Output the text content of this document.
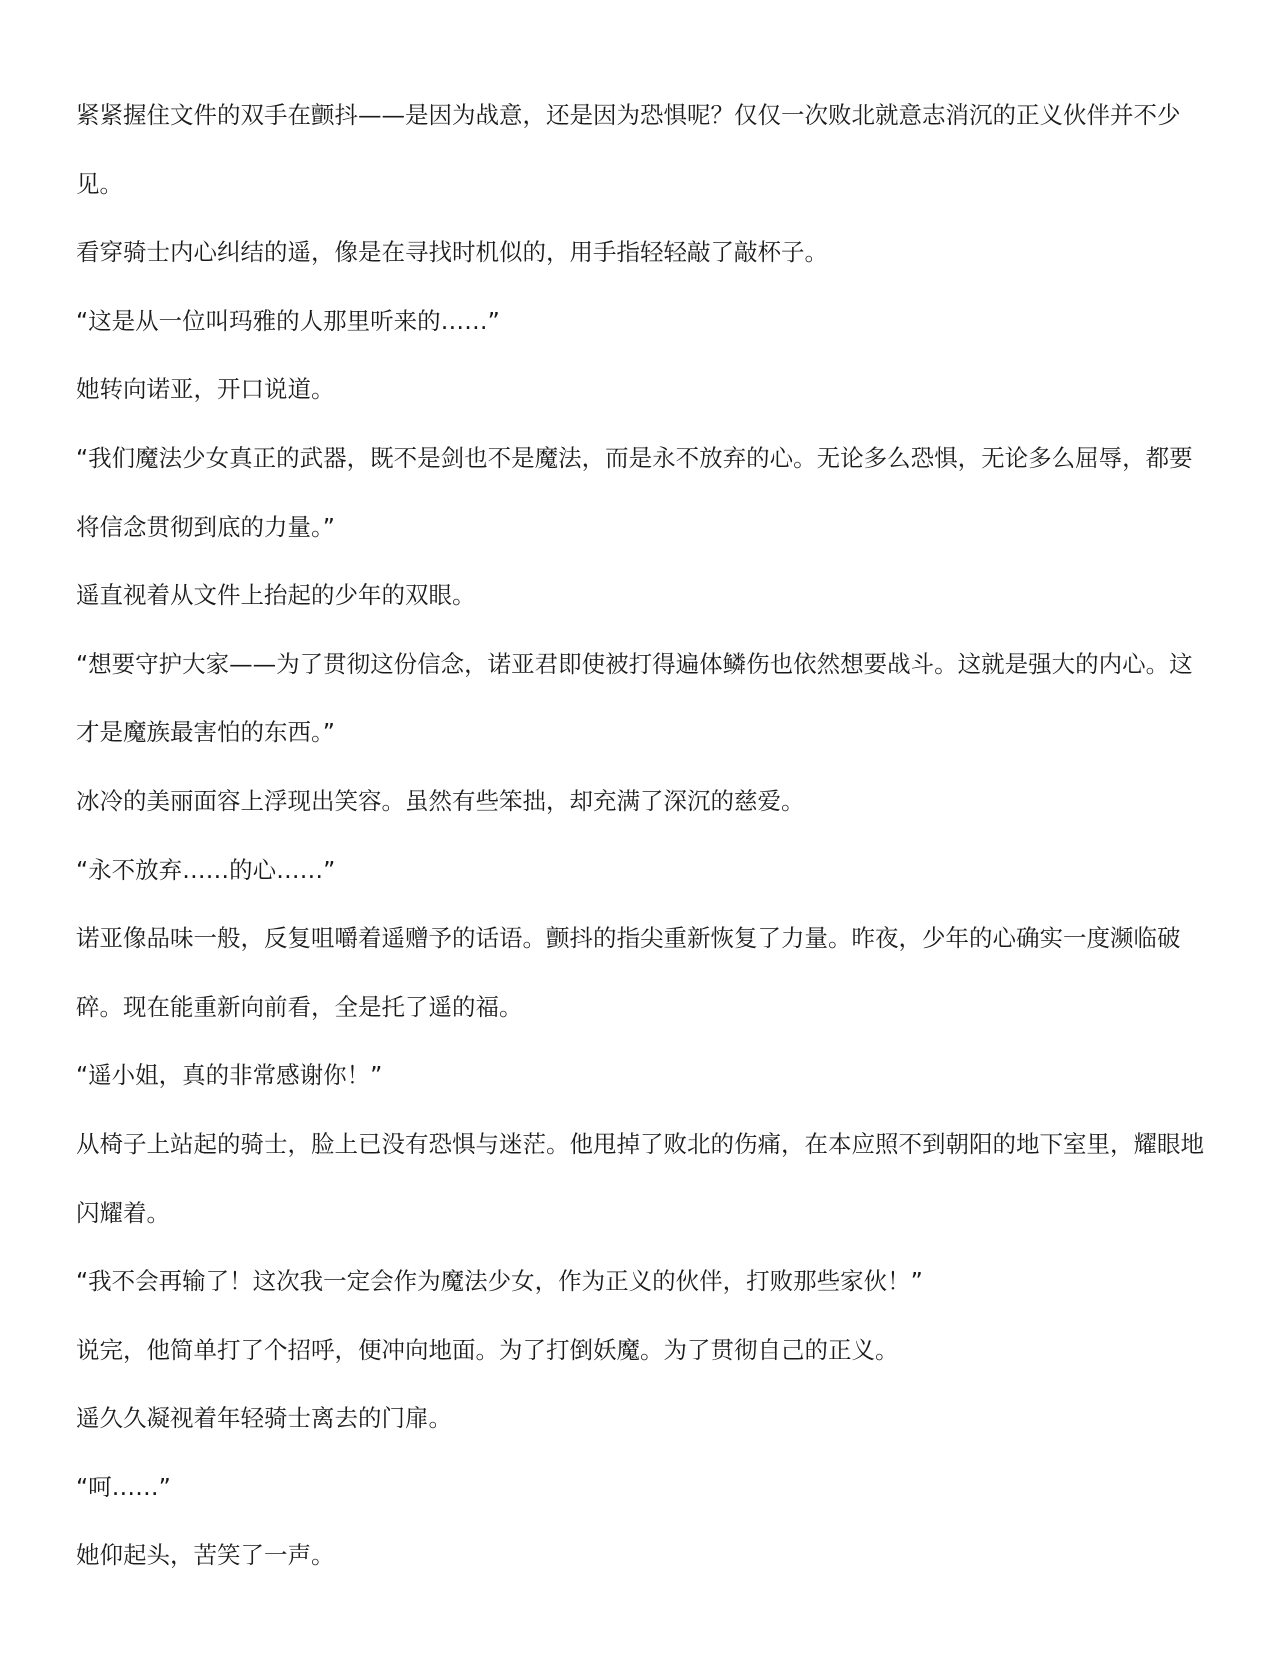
紧紧握住文件的双手在颤抖——是因为战意，还是因为恐惧呢？仅仅一次败北就意志消沉的正义伙伴并不少见。

看穿骑士内心纠结的遥，像是在寻找时机似的，用手指轻轻敲了敲杯子。

“这是从一位叫玛雅的人那里听来的……”

她转向诺亚，开口说道。

“我们魔法少女真正的武器，既不是剑也不是魔法，而是永不放弃的心。无论多么恐惧，无论多么屈辱，都要将信念贯彻到底的力量。”

遥直视着从文件上抬起的少年的双眼。

“想要守护大家——为了贯彻这份信念，诺亚君即使被打得遍体鳞伤也依然想要战斗。这就是强大的内心。这才是魔族最害怕的东西。”

冰冷的美丽面容上浮现出笑容。虽然有些笨拙，却充满了深沉的慈爱。

“永不放弃……的心……”

诺亚像品味一般，反复咀嚼着遥赠予的话语。颤抖的指尖重新恢复了力量。昨夜，少年的心确实一度濒临破碎。现在能重新向前看，全是托了遥的福。

“遥小姐，真的非常感谢你！”

从椅子上站起的骑士，脸上已没有恐惧与迷茫。他甩掉了败北的伤痛，在本应照不到朝阳的地下室里，耀眼地闪耀着。

“我不会再输了！这次我一定会作为魔法少女，作为正义的伙伴，打败那些家伙！”

说完，他简单打了个招呼，便冲向地面。为了打倒妖魔。为了贯彻自己的正义。

遥久久凝视着年轻骑士离去的门扉。

“呵……”

她仰起头，苦笑了一声。
